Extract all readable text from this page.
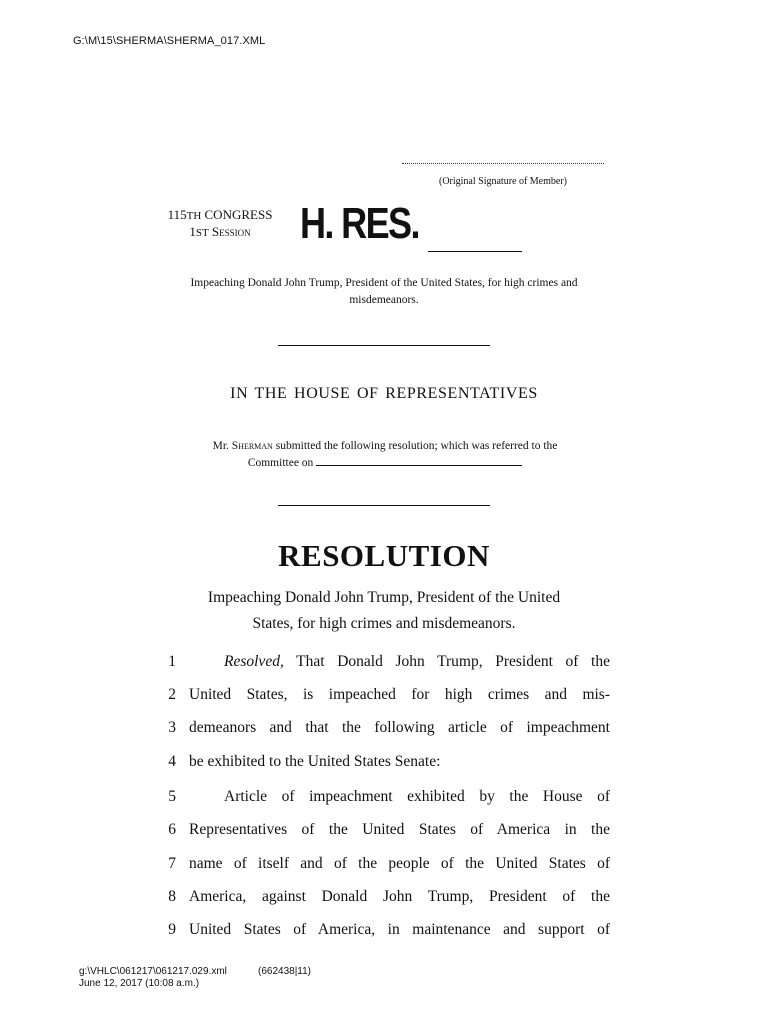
G:\M\15\SHERMA\SHERMA_017.XML
(Original Signature of Member)
115TH CONGRESS
1ST Session	H. RES.
Impeaching Donald John Trump, President of the United States, for high crimes and misdemeanors.
IN THE HOUSE OF REPRESENTATIVES
Mr. Sherman submitted the following resolution; which was referred to the
Committee on
RESOLUTION
Impeaching Donald John Trump, President of the United
States, for high crimes and misdemeanors.
1	Resolved, That Donald John Trump, President of the
2 United States, is impeached for high crimes and mis-
3 demeanors and that the following article of impeachment
4 be exhibited to the United States Senate:
5	Article of impeachment exhibited by the House of
6 Representatives of the United States of America in the
7 name of itself and of the people of the United States of
8 America, against Donald John Trump, President of the
9 United States of America, in maintenance and support of
g:\VHLC\061217\061217.029.xml	(662438|11)
June 12, 2017 (10:08 a.m.)
